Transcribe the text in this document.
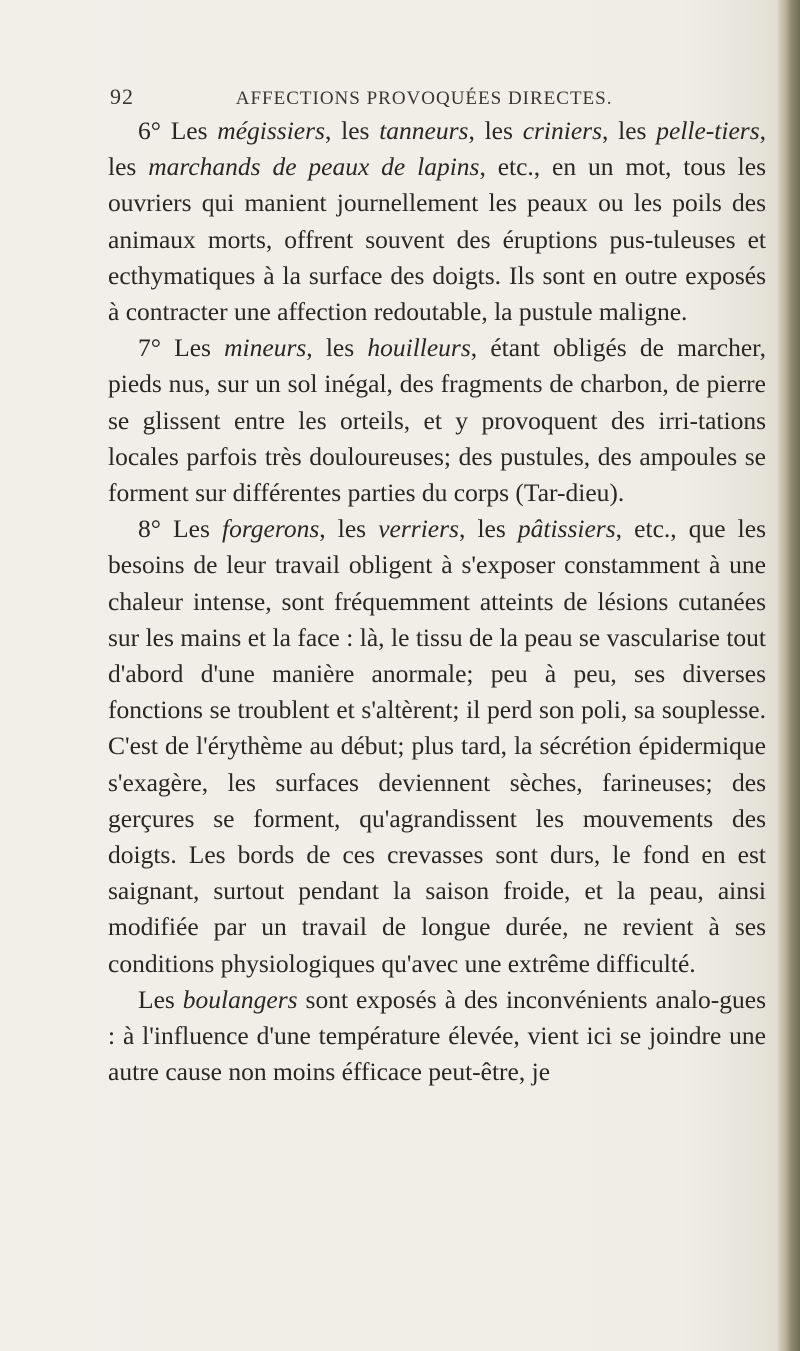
92	AFFECTIONS PROVOQUÉES DIRECTES.

6° Les mégissiers, les tanneurs, les criniers, les pelle-tiers, les marchands de peaux de lapins, etc., en un mot, tous les ouvriers qui manient journellement les peaux ou les poils des animaux morts, offrent souvent des éruptions pus-tuleuses et ecthymatiques à la surface des doigts. Ils sont en outre exposés à contracter une affection redoutable, la pustule maligne.

7° Les mineurs, les houilleurs, étant obligés de marcher, pieds nus, sur un sol inégal, des fragments de charbon, de pierre se glissent entre les orteils, et y provoquent des irri-tations locales parfois très douloureuses; des pustules, des ampoules se forment sur différentes parties du corps (Tar-dieu).

8° Les forgerons, les verriers, les pâtissiers, etc., que les besoins de leur travail obligent à s'exposer constamment à une chaleur intense, sont fréquemment atteints de lésions cutanées sur les mains et la face : là, le tissu de la peau se vascularise tout d'abord d'une manière anormale; peu à peu, ses diverses fonctions se troublent et s'altèrent; il perd son poli, sa souplesse. C'est de l'érythème au début; plus tard, la sécrétion épidermique s'exagère, les surfaces deviennent sèches, farineuses; des gerçures se forment, qu'agrandissent les mouvements des doigts. Les bords de ces crevasses sont durs, le fond en est saignant, surtout pendant la saison froide, et la peau, ainsi modifiée par un travail de longue durée, ne revient à ses conditions physiologiques qu'avec une extrême difficulté.

Les boulangers sont exposés à des inconvénients analo-gues : à l'influence d'une température élevée, vient ici se joindre une autre cause non moins éfficace peut-être, je
